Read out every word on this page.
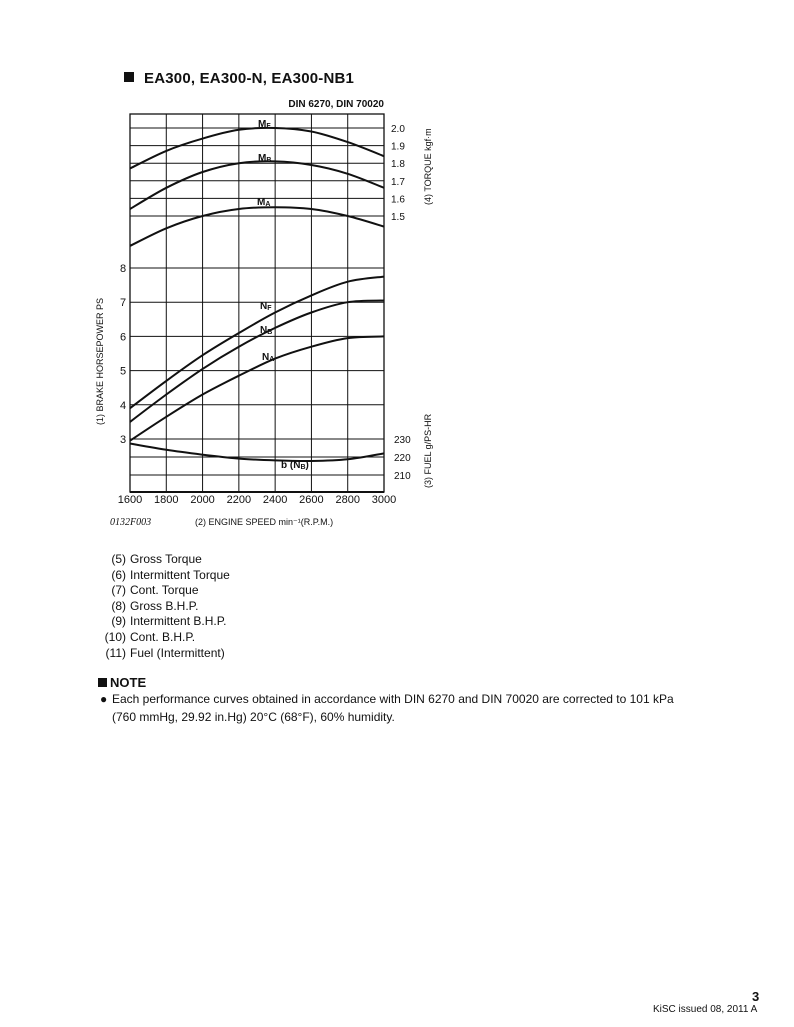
EA300, EA300-N, EA300-NB1
1600 1800 2000 2200 2400 2600 2800 3000
(2) ENGINE SPEED min⁻¹(R.P.M.)
2.0
1.9
1.8
1.7
1.6
1.5
230
220
210
8
7
6
5
4
3
(1) BRAKE HORSEPOWER PS
(4) TORQUE kgf·m
(3) FUEL g/PS-HR
DIN 6270, DIN 70020
MF
MB
MA
NF
NB
NA
b (NB)
0132F003
(5) Gross Torque
(6) Intermittent Torque
(7) Cont. Torque
(8) Gross B.H.P.
(9) Intermittent B.H.P.
(10) Cont. B.H.P.
(11) Fuel (Intermittent)
NOTE
● Each performance curves obtained in accordance with DIN 6270 and DIN 70020 are corrected to 101 kPa
(760 mmHg, 29.92 in.Hg) 20°C (68°F), 60% humidity.
3
KiSC issued 08, 2011 A
